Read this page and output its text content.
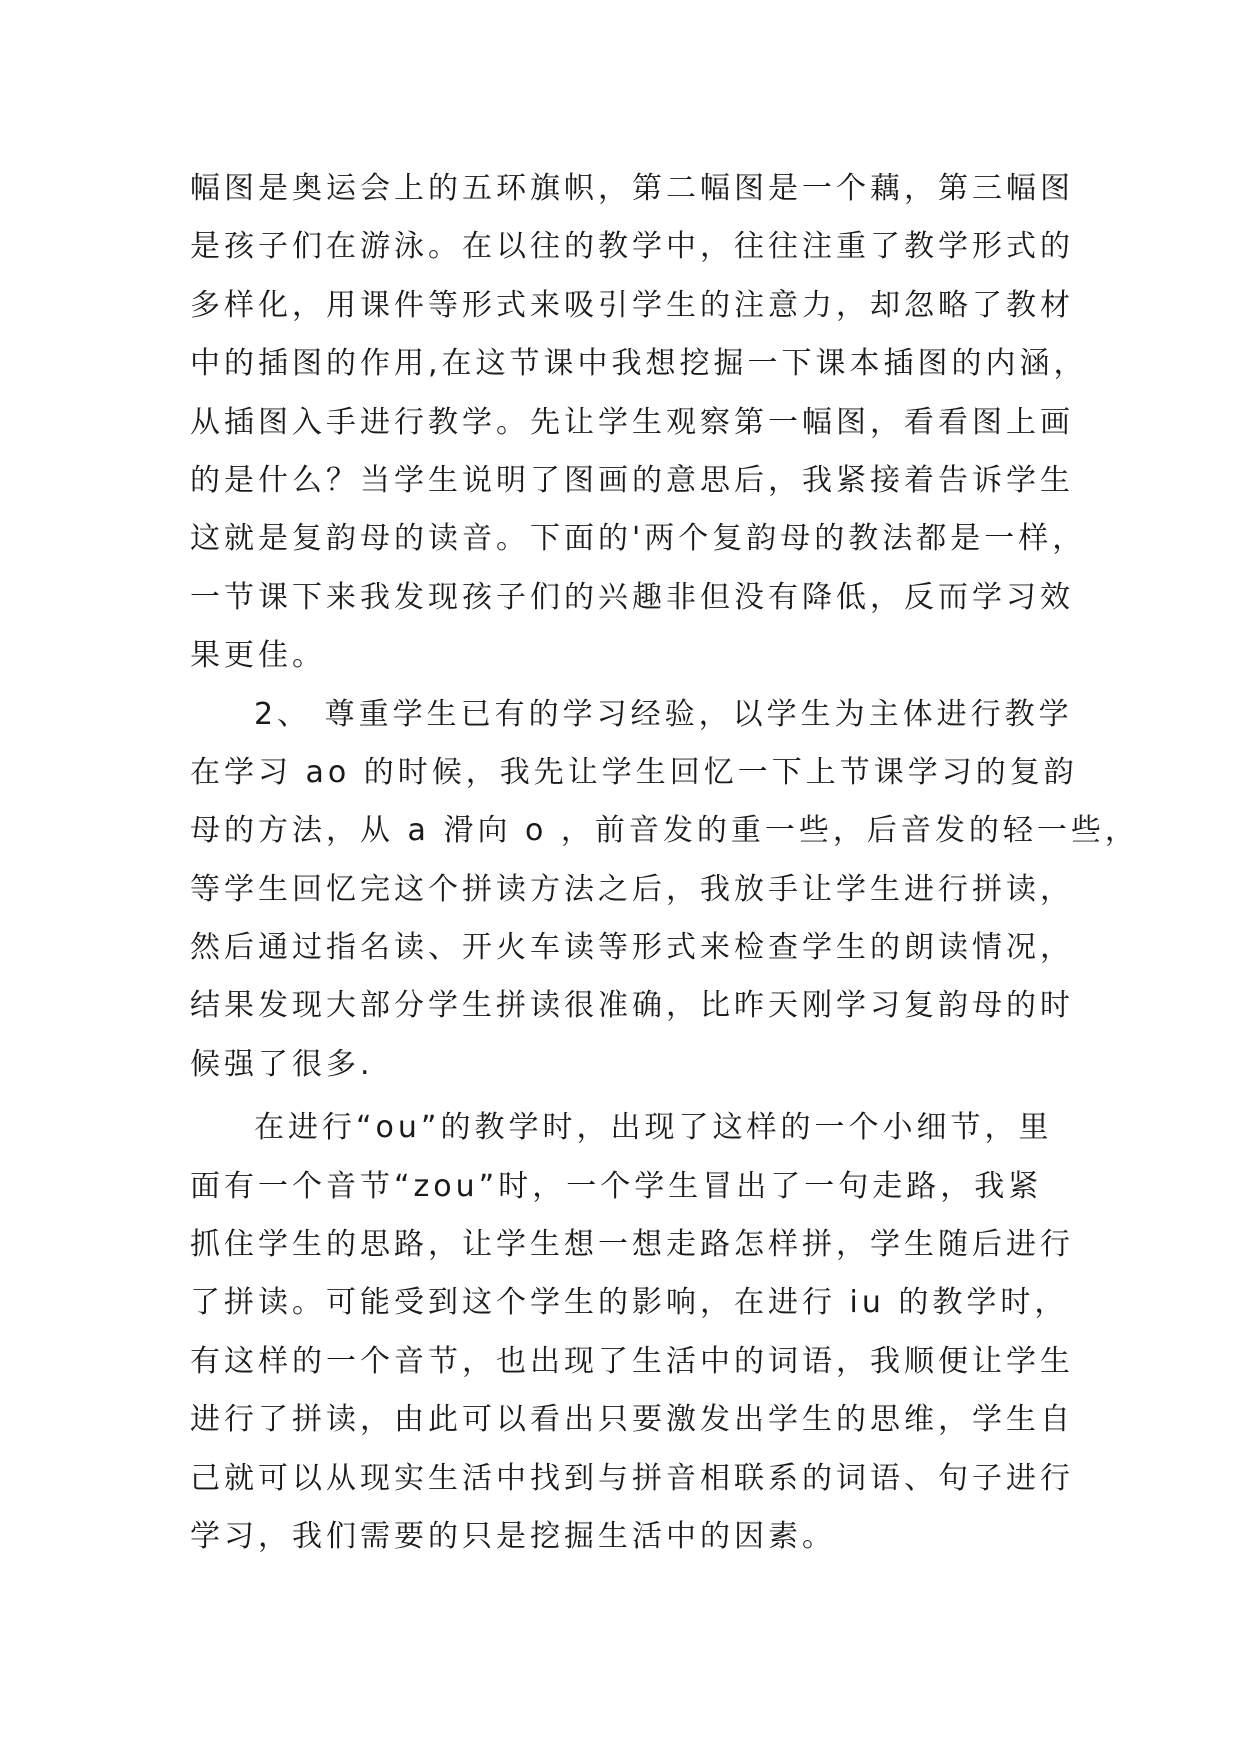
幅图是奥运会上的五环旗帜，第二幅图是一个藕，第三幅图
是孩子们在游泳。在以往的教学中，往往注重了教学形式的
多样化，用课件等形式来吸引学生的注意力，却忽略了教材
中的插图的作用,在这节课中我想挖掘一下课本插图的内涵，
从插图入手进行教学。先让学生观察第一幅图，看看图上画
的是什么？当学生说明了图画的意思后，我紧接着告诉学生
这就是复韵母的读音。下面的'两个复韵母的教法都是一样，
一节课下来我发现孩子们的兴趣非但没有降低，反而学习效
果更佳。
2、 尊重学生已有的学习经验，以学生为主体进行教学
在学习 ao 的时候，我先让学生回忆一下上节课学习的复韵
母的方法，从 a 滑向 o ，前音发的重一些，后音发的轻一些，
等学生回忆完这个拼读方法之后，我放手让学生进行拼读，
然后通过指名读、开火车读等形式来检查学生的朗读情况，
结果发现大部分学生拼读很准确，比昨天刚学习复韵母的时
候强了很多.
在进行“ou”的教学时，出现了这样的一个小细节，里
面有一个音节“zou”时，一个学生冒出了一句走路，我紧
抓住学生的思路，让学生想一想走路怎样拼，学生随后进行
了拼读。可能受到这个学生的影响，在进行 iu 的教学时，
有这样的一个音节，也出现了生活中的词语，我顺便让学生
进行了拼读，由此可以看出只要激发出学生的思维，学生自
己就可以从现实生活中找到与拼音相联系的词语、句子进行
学习，我们需要的只是挖掘生活中的因素。
